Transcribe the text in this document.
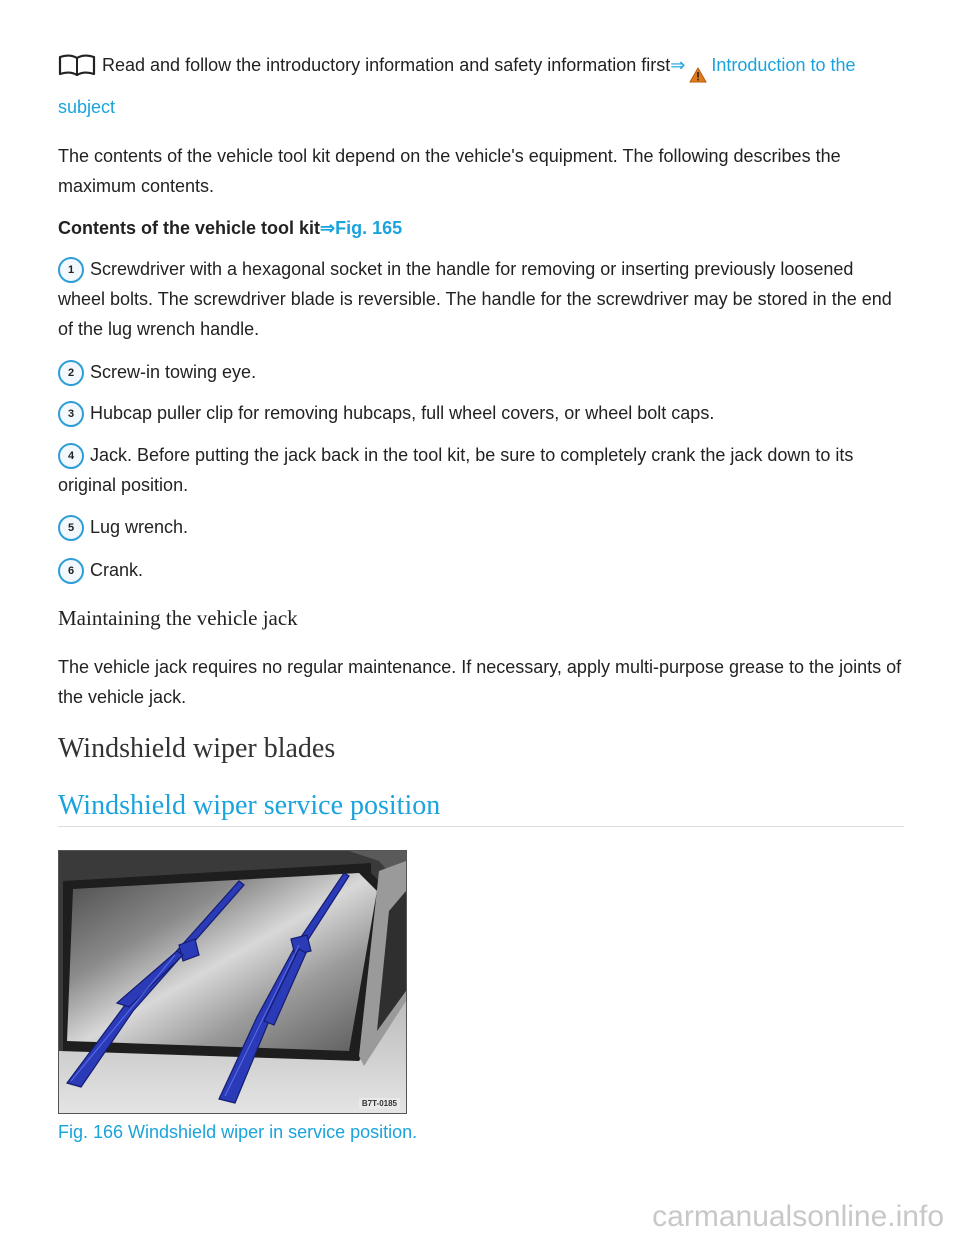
Read and follow the introductory information and safety information first⇒ Introduction to the subject

The contents of the vehicle tool kit depend on the vehicle's equipment. The following describes the maximum contents.

Contents of the vehicle tool kit⇒Fig. 165

1 Screwdriver with a hexagonal socket in the handle for removing or inserting previously loosened wheel bolts. The screwdriver blade is reversible. The handle for the screwdriver may be stored in the end of the lug wrench handle.

2 Screw-in towing eye.

3 Hubcap puller clip for removing hubcaps, full wheel covers, or wheel bolt caps.

4 Jack. Before putting the jack back in the tool kit, be sure to completely crank the jack down to its original position.

5 Lug wrench.

6 Crank.

Maintaining the vehicle jack

The vehicle jack requires no regular maintenance. If necessary, apply multi-purpose grease to the joints of the vehicle jack.

Windshield wiper blades
Windshield wiper service position
B7T-0185
Fig. 166 Windshield wiper in service position.
carmanualsonline.info
